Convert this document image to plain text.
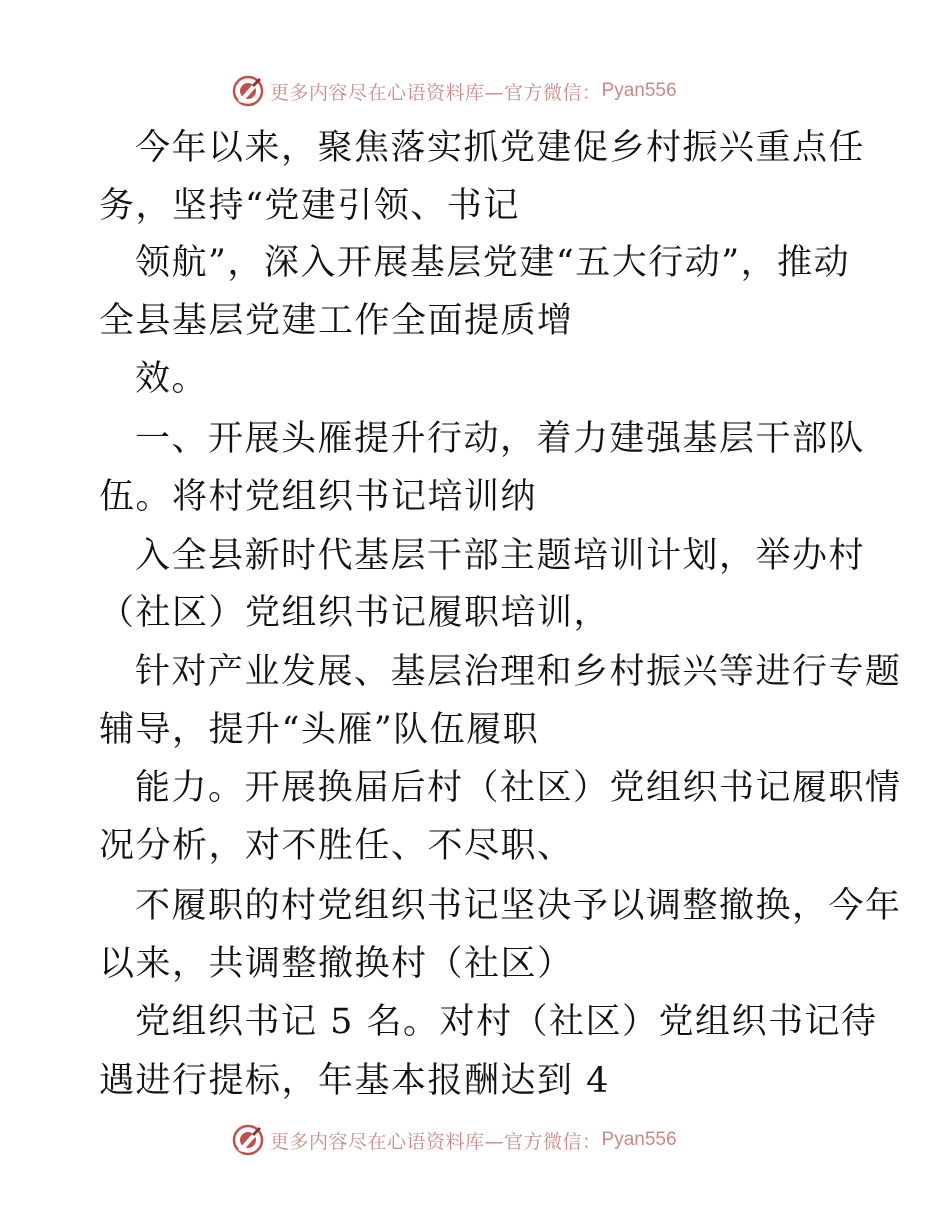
更多内容尽在心语资料库—官方微信： Pyan556
今年以来，聚焦落实抓党建促乡村振兴重点任
务，坚持“党建引领、书记
领航”，深入开展基层党建“五大行动”，推动
全县基层党建工作全面提质增
效。
一、开展头雁提升行动，着力建强基层干部队
伍。将村党组织书记培训纳
入全县新时代基层干部主题培训计划，举办村
（社区）党组织书记履职培训，
针对产业发展、基层治理和乡村振兴等进行专题
辅导，提升“头雁”队伍履职
能力。开展换届后村（社区）党组织书记履职情
况分析，对不胜任、不尽职、
不履职的村党组织书记坚决予以调整撤换，今年
以来，共调整撤换村（社区）
党组织书记 5 名。对村（社区）党组织书记待
遇进行提标，年基本报酬达到 4
更多内容尽在心语资料库—官方微信： Pyan556
